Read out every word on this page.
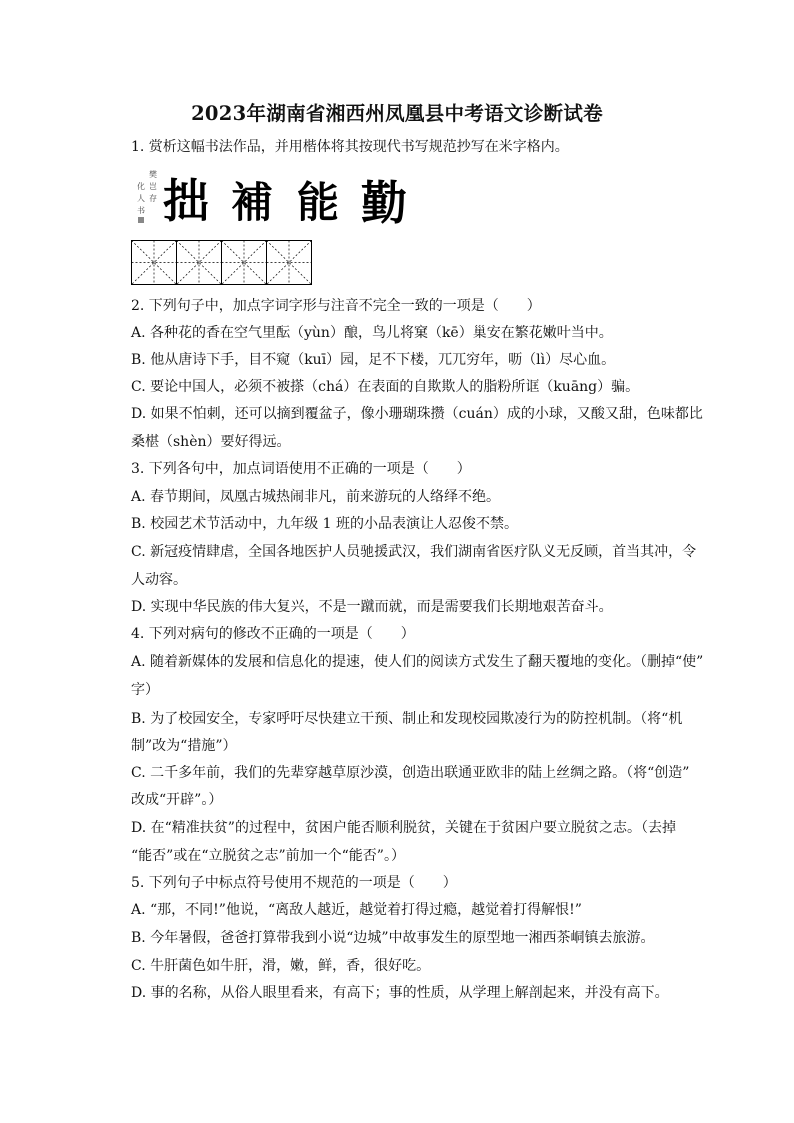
2023年湖南省湘西州凤凰县中考语文诊断试卷
樊
岂
存
化
人
书 拙 補 能 勤
1. 赏析这幅书法作品，并用楷体将其按现代书写规范抄写在米字格内。
2. 下列句子中，加点字词字形与注音不完全一致的一项是（　　）
A. 各种花的香在空气里酝（yùn）酿，鸟儿将窠（kē）巢安在繁花嫩叶当中。
B. 他从唐诗下手，目不窥（kuī）园，足不下楼，兀兀穷年，呖（lì）尽心血。
C. 要论中国人，必须不被搽（chá）在表面的自欺欺人的脂粉所诓（kuāng）骗。
D. 如果不怕刺，还可以摘到覆盆子，像小珊瑚珠攒（cuán）成的小球，又酸又甜，色味都比
桑椹（shèn）要好得远。
3. 下列各句中，加点词语使用不正确的一项是（　　）
A. 春节期间，凤凰古城热闹非凡，前来游玩的人络绎不绝。
B. 校园艺术节活动中，九年级 1 班的小品表演让人忍俊不禁。
C. 新冠疫情肆虐，全国各地医护人员驰援武汉，我们湖南省医疗队义无反顾，首当其冲，令
人动容。
D. 实现中华民族的伟大复兴，不是一蹴而就，而是需要我们长期地艰苦奋斗。
4. 下列对病句的修改不正确的一项是（　　）
A. 随着新媒体的发展和信息化的提速，使人们的阅读方式发生了翻天覆地的变化。（删掉“使”
字）
B. 为了校园安全，专家呼吁尽快建立干预、制止和发现校园欺凌行为的防控机制。（将“机
制”改为“措施”）
C. 二千多年前，我们的先辈穿越草原沙漠，创造出联通亚欧非的陆上丝绸之路。（将“创造”
改成“开辟”。）
D. 在“精准扶贫”的过程中，贫困户能否顺利脱贫，关键在于贫困户要立脱贫之志。（去掉
“能否”或在“立脱贫之志”前加一个“能否”。）
5. 下列句子中标点符号使用不规范的一项是（　　）
A. “那，不同!”他说，“离敌人越近，越觉着打得过瘾，越觉着打得解恨!”
B. 今年暑假，爸爸打算带我到小说“边城”中故事发生的原型地一湘西茶峒镇去旅游。
C. 牛肝菌色如牛肝，滑，嫩，鲜，香，很好吃。
D. 事的名称，从俗人眼里看来，有高下；事的性质，从学理上解剖起来，并没有高下。
